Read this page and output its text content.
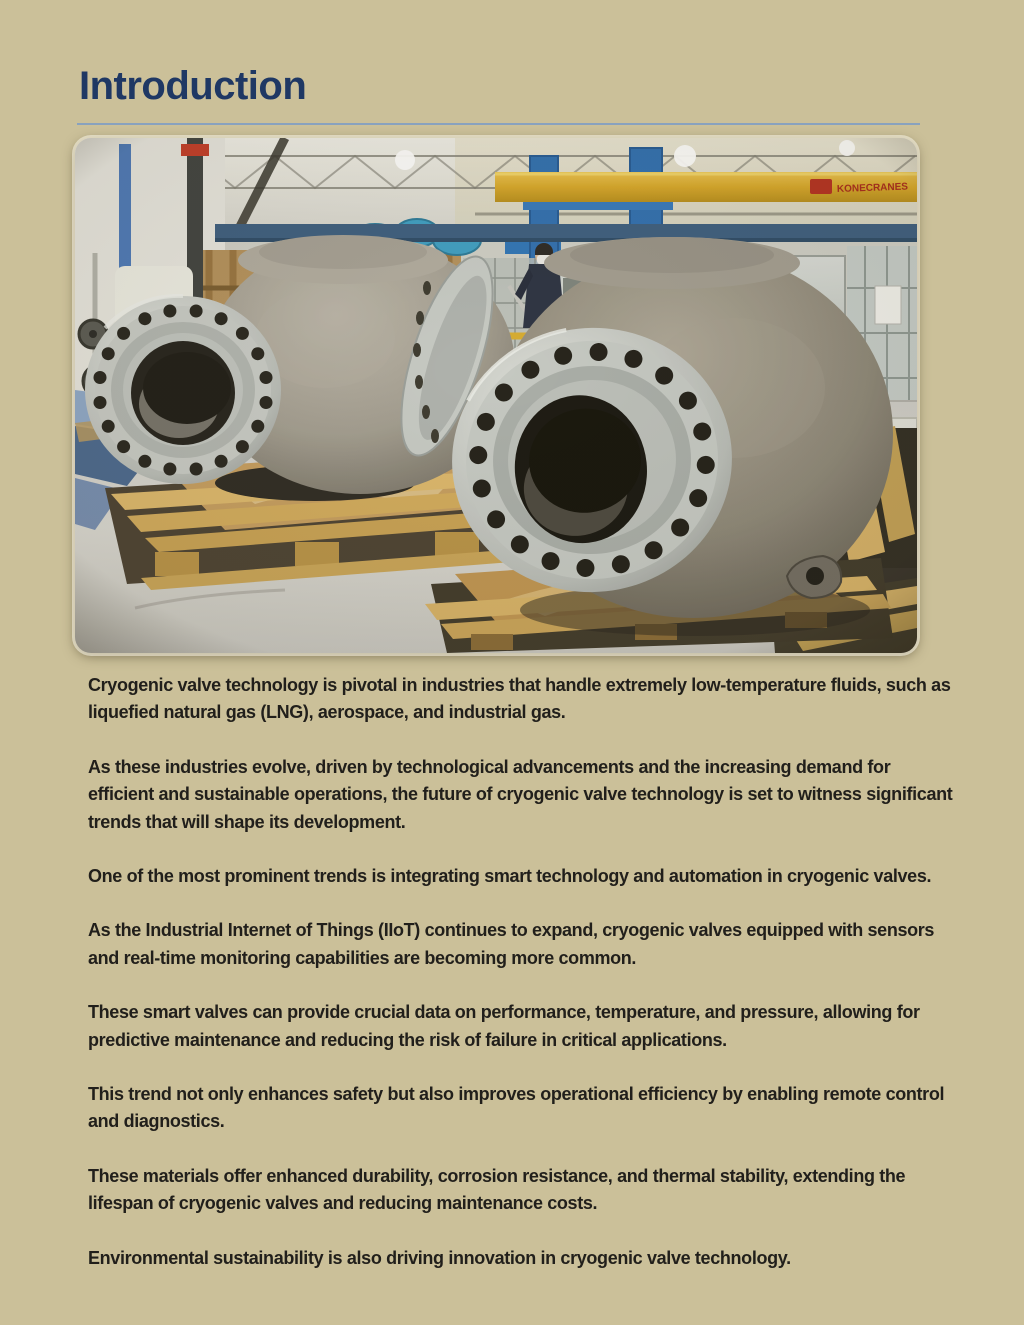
Introduction

Cryogenic valve technology is pivotal in industries that handle extremely low-temperature fluids, such as liquefied natural gas (LNG), aerospace, and industrial gas.

As these industries evolve, driven by technological advancements and the increasing demand for efficient and sustainable operations, the future of cryogenic valve technology is set to witness significant trends that will shape its development.

One of the most prominent trends is integrating smart technology and automation in cryogenic valves.

As the Industrial Internet of Things (IIoT) continues to expand, cryogenic valves equipped with sensors and real-time monitoring capabilities are becoming more common.

These smart valves can provide crucial data on performance, temperature, and pressure, allowing for predictive maintenance and reducing the risk of failure in critical applications.

This trend not only enhances safety but also improves operational efficiency by enabling remote control and diagnostics.

These materials offer enhanced durability, corrosion resistance, and thermal stability, extending the lifespan of cryogenic valves and reducing maintenance costs.

Environmental sustainability is also driving innovation in cryogenic valve technology.
